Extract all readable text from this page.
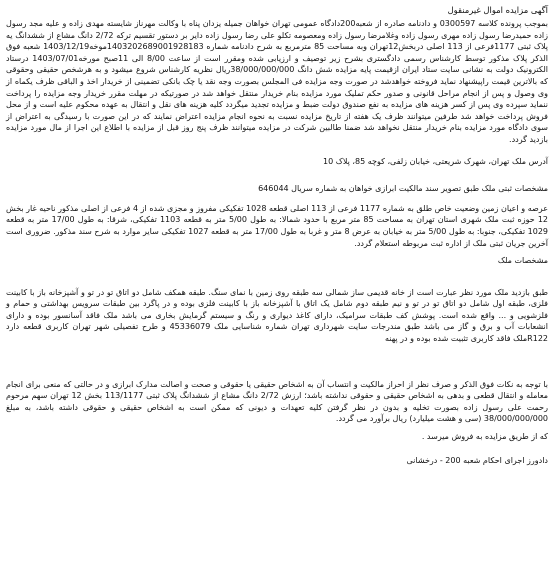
آگهی مزایده اموال غیرمنقول

بموجب پرونده کلاسه 0300597 و دادنامه صادره از شعبه200دادگاه عمومی تهران خواهان جمیله یزدان پناه با وکالت مهرناز شایسته مهدی زاده و علیه مجد رسول زاده حمیدرضا رسول زاده مهری رسول زاده وغلامرضا رسول زاده ومعصومه تکلو علی رضا رسول زاده دایر بر دستور تقسیم ترکه 2/72 دانگ مشاع از ششدانگ یه پلاک ثبتی 1177فرعی از 113 اصلی دربخش12تهران وبه مساحت 85 مترمربع به شرح دادنامه شماره 1403202689001928183موخه1403/12/19 شعبه فوق الذکر پلاک مذکور توسط کارشناس رسمی دادگستری بشرح زیر توصیف و ارزیابی شده ومقرر است از ساعت 8/00 الی 11صبح مورخه1403/07/01 درستاد الکترونیک دولت به نشانی سایت ستاد ایران ازقیمت پایه مزایده شش دانگ 38/000/000/000ریال نظریه کارشناس شروع میشود و به هرشخص حقیقی وحقوقی که بالاترین قیمت راپیشنهاد نماید فروخته خواهدشد در صورت وجه مزایده فی المجلس بصورت وجه نقد یا چک بانکی تضمینی از خریدار اخذ و الباقی ظرف یکماه از وی وصول و پس از انجام مراحل قانونی و صدور حکم تملیک مورد مزایده بنام خریدار منتقل خواهد شد در صورتیکه در مهلت مقرر خریدار وجه مزایده را پرداخت ننماید سپرده وی پس از کسر هزینه های مزایده به نفع صندوق دولت ضبط و مزایده تجدید میگردد کلیه هزینه های نقل و انتقال به عهده محکوم علیه است و از محل فروش پرداخت خواهد شد طرفین میتوانند ظرف یک هفته از تاریخ مزایده نسبت به نحوه انجام مزایده اعتراض نمایند که در این صورت با رسیدگی به اعتراض از سوی دادگاه مورد مزایده بنام خریدار منتقل نخواهد شد ضمنا طالبین شرکت در مزایده میتوانند ظرف پنج روز قبل از مزایده با اطلاع این اجرا از مال مورد مزایده بازدید گردد.

آدرس ملک تهران، شهرک شریعتی، خیابان زلفی، کوچه 85، پلاک 10

مشخصات ثبتی ملک طبق تصویر سند مالکیت ابرازی خواهان به شماره سریال 646044

عرصه و اعیان زمین وضعیت خاص طلق به شماره 1177 فرعی از 113 اصلی قطعه 1028 تفکیکی مفروز و مجزی شده از 4 فرعی از اصلی مذکور ناحیه غار بخش 12 حوزه ثبت ملک شهری استان تهران به مساحت 85 متر مربع با حدود شمالا: به طول 5/00 متر به قطعه 1103 تفکیکی، شرقا: به طول 17/00 متر به قطعه 1029 تفکیکی، جنوبا: به طول 5/00 متر به خیابان به عرض 8 متر و غربا به طول 17/00 متر به قطعه 1027 تفکیکی سایر موارد به شرح سند مذکور. ضروری است آخرین جریان ثبتی ملک از اداره ثبت مربوطه استعلام گردد.

مشخصات ملک

طبق بازدید ملک مورد نظر عبارت است از خانه قدیمی ساز شمالی سه طبقه روی زمین با نمای سنگ. طبقه همکف شامل دو اتاق تو در تو و آشپزخانه باز با کابینت فلزی، طبقه اول شامل دو اتاق تو در تو و نیم طبقه دوم شامل یک اتاق با آشپزخانه باز با کابینت فلزی بوده و در پاگرد بین طبقات سرویس بهداشتی و حمام و فلزشویی و ... واقع شده است. پوشش کف طبقات سرامیک، دارای کاغذ دیواری و رنگ و سیستم گرمایش بخاری می باشد ملک فاقد آسانسور بوده و دارای انشعابات آب و برق و گاز می باشد طبق مندرجات سایت شهرداری تهران شماره شناسایی ملک 45336079 و طرح تفصیلی شهر تهران کاربری قطعه دارد R122ملک فاقد کاربری تثبیت شده بوده و در پهنه

با توجه به نکات فوق الذکر و صرف نظر از احراز مالکیت و انتساب آن به اشخاص حقیقی یا حقوقی و صحت و اصالت مدارک ابرازی و در حالتی که منعی برای انجام معامله و انتقال قطعی و بدهی به اشخاص حقیقی و حقوقی نداشته باشد؛ ارزش 2/72 دانگ مشاع از ششدانگ پلاک ثبتی 113/1177 بخش 12 تهران سهم مرحوم رحمت علی رسول زاده بصورت تخلیه و بدون در نظر گرفتن کلیه تعهدات و دیونی که ممکن است به اشخاص حقیقی و حقوقی داشته باشد، به مبلغ 38/000/000/000 (سی و هشت میلیارد) ریال برآورد می گردد.

که از طریق مزایده به فروش میرسد .

دادورز اجرای احکام شعبه 200 - درخشانی
